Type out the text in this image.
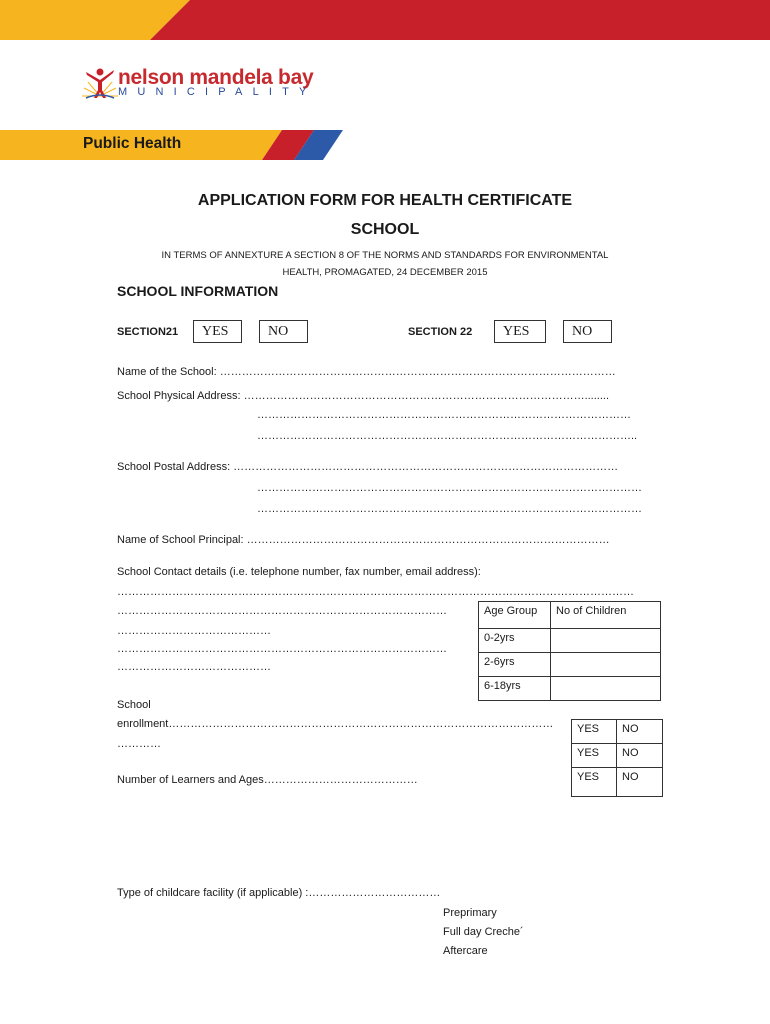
nelson mandela bay
MUNICIPALITY
Public Health
APPLICATION FORM FOR HEALTH CERTIFICATE
SCHOOL
IN TERMS OF ANNEXTURE A SECTION 8 OF THE NORMS AND STANDARDS FOR ENVIRONMENTAL
HEALTH, PROMAGATED, 24 DECEMBER 2015
SCHOOL INFORMATION
SECTION21	YES	NO	SECTION 22	YES	NO
Name of the School: ………………………………………………………………………………………………
School Physical Address: …………………………………………………………………………………........
…………………………………………………………………………………………
…………………………………………………………………………………………..
School Postal Address: ……………………………………………………………………………………………
……………………………………………………………………………………………
……………………………………………………………………………………………
Name of School Principal: ………………………………………………………………………………………
School Contact details (i.e. telephone number, fax number, email address):
……………………………………………………………………………………………………………………………
………………………………………………………………………………
……………………………………
………………………………………………………………………………
……………………………………
Age Group	No of Children
0-2yrs	
2-6yrs	
6-18yrs	
School
enrollment……………………………………………………………………………………………
…………
YES	NO
YES	NO
YES	NO
Number of Learners and Ages……………………………………
Type of childcare facility (if applicable) :………………………………
Preprimary
Full day Creche´
Aftercare
